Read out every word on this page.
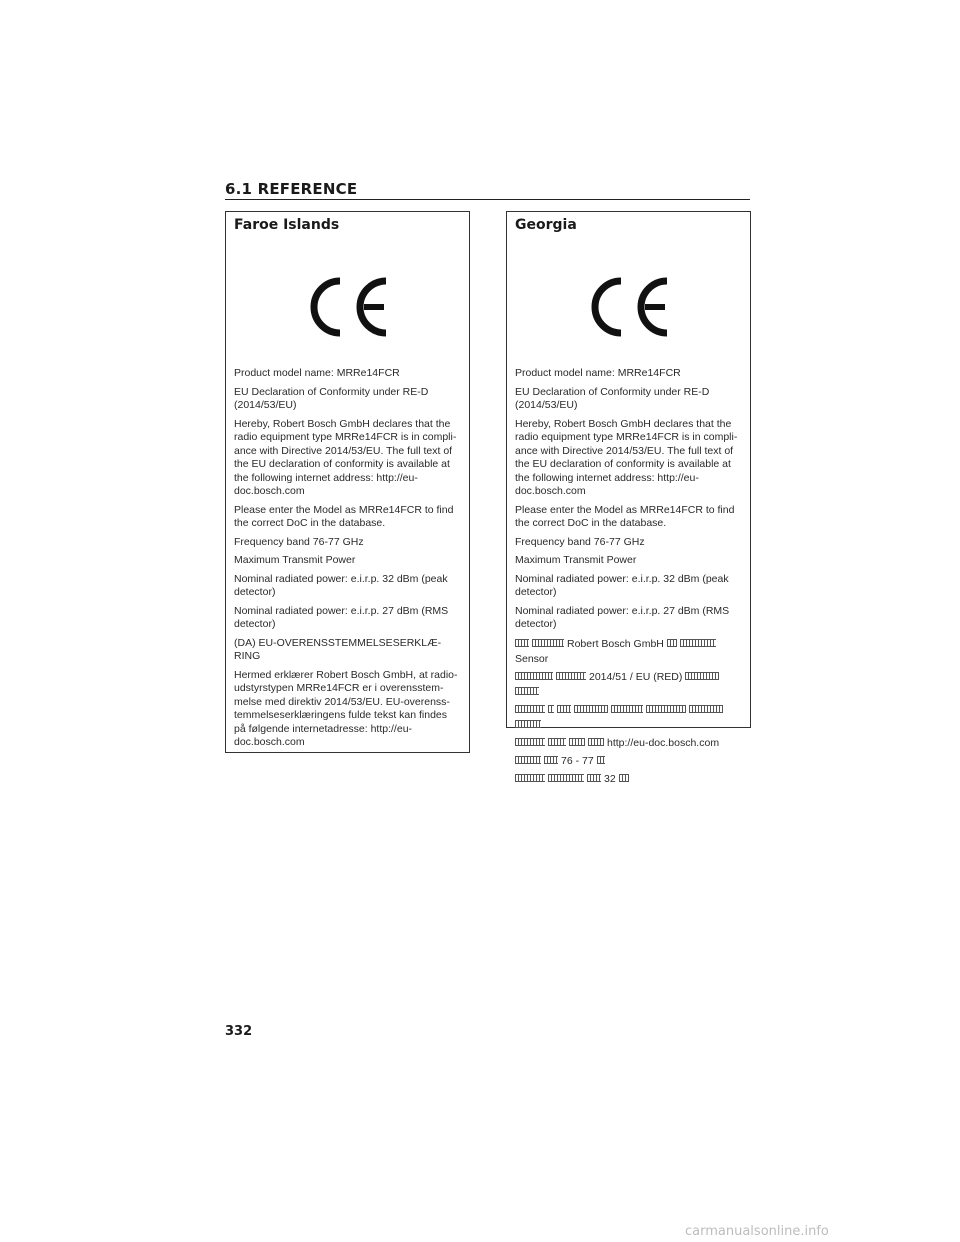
6.1 REFERENCE
Faroe Islands

Product model name: MRRe14FCR

EU Declaration of Conformity under RE-D (2014/53/EU)

Hereby, Robert Bosch GmbH declares that the radio equipment type MRRe14FCR is in compli- ance with Directive 2014/53/EU. The full text of the EU declaration of conformity is available at the following internet address: http://eu- doc.bosch.com

Please enter the Model as MRRe14FCR to find the correct DoC in the database.

Frequency band 76-77 GHz

Maximum Transmit Power

Nominal radiated power: e.i.r.p. 32 dBm (peak detector)

Nominal radiated power: e.i.r.p. 27 dBm (RMS detector)

(DA) EU-OVERENSSTEMMELSESERKLÆ- RING

Hermed erklærer Robert Bosch GmbH, at radio- udstyrstypen MRRe14FCR er i overensstem- melse med direktiv 2014/53/EU. EU-overenss- temmelseserklæringens fulde tekst kan findes på følgende internetadresse: http://eu- doc.bosch.com

Georgia

Product model name: MRRe14FCR

EU Declaration of Conformity under RE-D (2014/53/EU)

Hereby, Robert Bosch GmbH declares that the radio equipment type MRRe14FCR is in compli- ance with Directive 2014/53/EU. The full text of the EU declaration of conformity is available at the following internet address: http://eu- doc.bosch.com

Please enter the Model as MRRe14FCR to find the correct DoC in the database.

Frequency band 76-77 GHz

Maximum Transmit Power

Nominal radiated power: e.i.r.p. 32 dBm (peak detector)

Nominal radiated power: e.i.r.p. 27 dBm (RMS detector)

Robert Bosch GmbH Sensor
2014/51 / EU (RED)
http://eu-doc.bosch.com
76 - 77
32
332
carmanualsonline.info
